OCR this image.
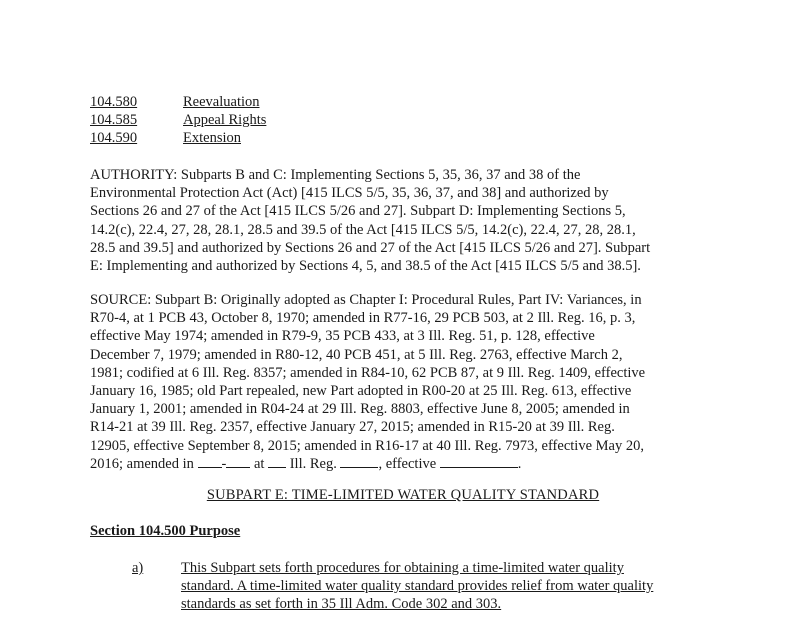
104.580	Reevaluation
104.585	Appeal Rights
104.590	Extension
AUTHORITY: Subparts B and C: Implementing Sections 5, 35, 36, 37 and 38 of the
Environmental Protection Act (Act) [415 ILCS 5/5, 35, 36, 37, and 38] and authorized by
Sections 26 and 27 of the Act [415 ILCS 5/26 and 27]. Subpart D: Implementing Sections 5,
14.2(c), 22.4, 27, 28, 28.1, 28.5 and 39.5 of the Act [415 ILCS 5/5, 14.2(c), 22.4, 27, 28, 28.1,
28.5 and 39.5] and authorized by Sections 26 and 27 of the Act [415 ILCS 5/26 and 27]. Subpart
E: Implementing and authorized by Sections 4, 5, and 38.5 of the Act [415 ILCS 5/5 and 38.5].
SOURCE: Subpart B: Originally adopted as Chapter I: Procedural Rules, Part IV: Variances, in
R70-4, at 1 PCB 43, October 8, 1970; amended in R77-16, 29 PCB 503, at 2 Ill. Reg. 16, p. 3,
effective May 1974; amended in R79-9, 35 PCB 433, at 3 Ill. Reg. 51, p. 128, effective
December 7, 1979; amended in R80-12, 40 PCB 451, at 5 Ill. Reg. 2763, effective March 2,
1981; codified at 6 Ill. Reg. 8357; amended in R84-10, 62 PCB 87, at 9 Ill. Reg. 1409, effective
January 16, 1985; old Part repealed, new Part adopted in R00-20 at 25 Ill. Reg. 613, effective
January 1, 2001; amended in R04-24 at 29 Ill. Reg. 8803, effective June 8, 2005; amended in
R14-21 at 39 Ill. Reg. 2357, effective January 27, 2015; amended in R15-20 at 39 Ill. Reg.
12905, effective September 8, 2015; amended in R16-17 at 40 Ill. Reg. 7973, effective May 20,
2016; amended in - at  Ill. Reg.	, effective	.
SUBPART E: TIME-LIMITED WATER QUALITY STANDARD
Section 104.500 Purpose
a)	This Subpart sets forth procedures for obtaining a time-limited water quality
standard. A time-limited water quality standard provides relief from water quality
standards as set forth in 35 Ill Adm. Code 302 and 303.
